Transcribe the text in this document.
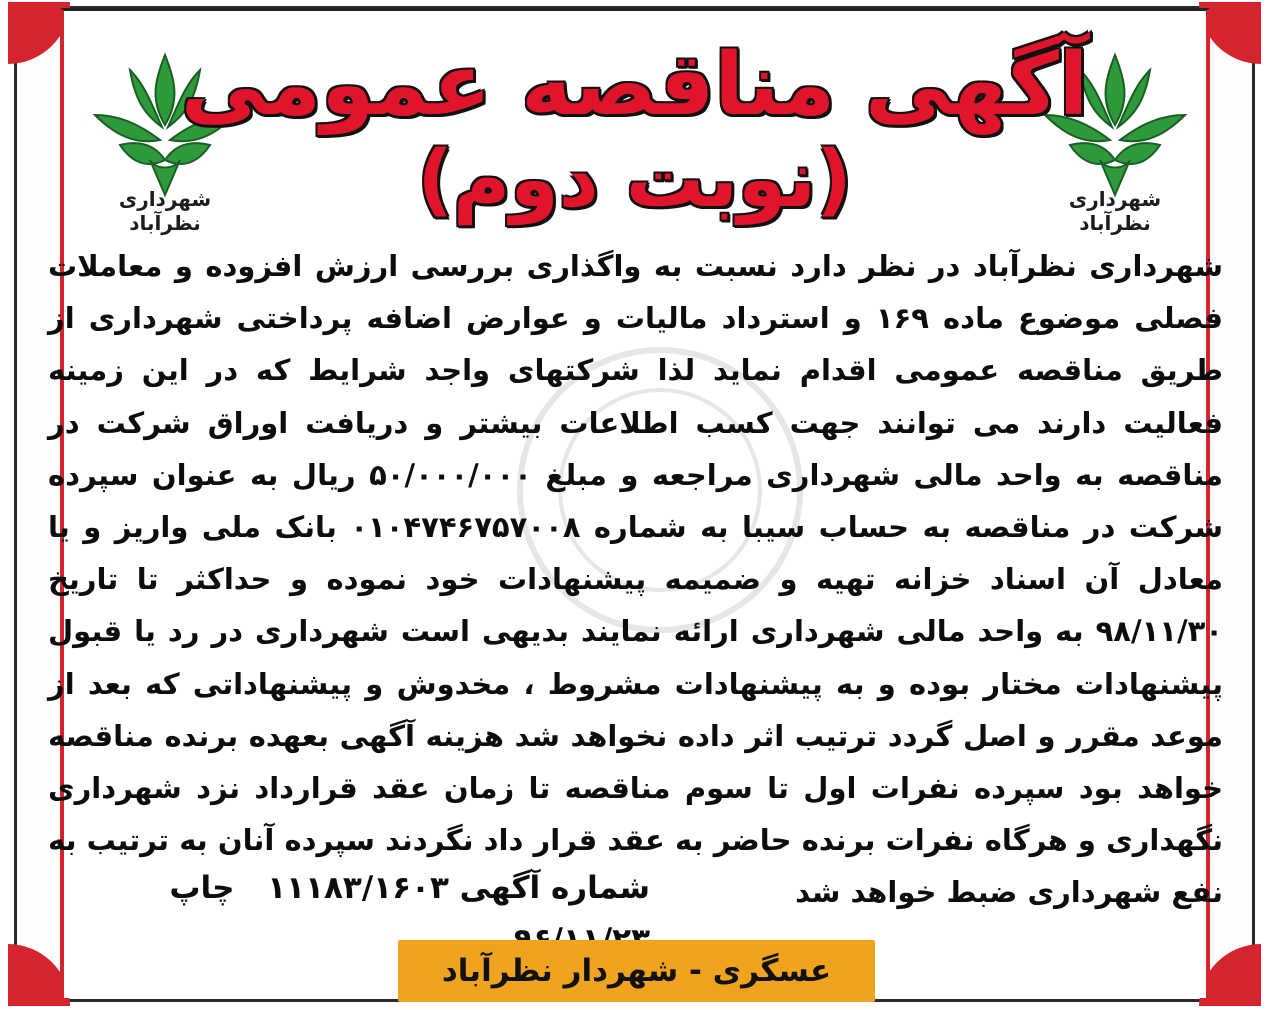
شهرداری نظرآباد
شهرداری نظرآباد
آگهی مناقصه عمومی
(نوبت دوم)
شهرداری نظرآباد در نظر دارد نسبت به واگذاری بررسی ارزش افزوده و معاملات فصلی موضوع ماده ۱۶۹ و استرداد مالیات و عوارض اضافه پرداختی شهرداری از طریق مناقصه عمومی اقدام نماید لذا شرکتهای واجد شرایط که در این زمینه فعالیت دارند می توانند جهت کسب اطلاعات بیشتر و دریافت اوراق شرکت در مناقصه به واحد مالی شهرداری مراجعه و مبلغ ۵۰/۰۰۰/۰۰۰ ریال به عنوان سپرده شرکت در مناقصه به حساب سیبا به شماره ۰۱۰۴۷۴۶۷۵۷۰۰۸ بانک ملی واریز و یا معادل آن اسناد خزانه تهیه و ضمیمه پیشنهادات خود نموده و حداکثر تا تاریخ ۹۸/۱۱/۳۰ به واحد مالی شهرداری ارائه نمایند بدیهی است شهرداری در رد یا قبول پیشنهادات مختار بوده و به پیشنهادات مشروط ، مخدوش و پیشنهاداتی که بعد از موعد مقرر و اصل گردد ترتیب اثر داده نخواهد شد هزینه آگهی بعهده برنده مناقصه خواهد بود سپرده نفرات اول تا سوم مناقصه تا زمان عقد قرارداد نزد شهرداری نگهداری و هرگاه نفرات برنده حاضر به عقد قرار داد نگردند سپرده آنان به ترتیب به نفع شهرداری ضبط خواهد شد
شماره آگهی ۱۱۱۸۳/۱۶۰۳ چاپ
عسگری - شهردار نظرآباد
